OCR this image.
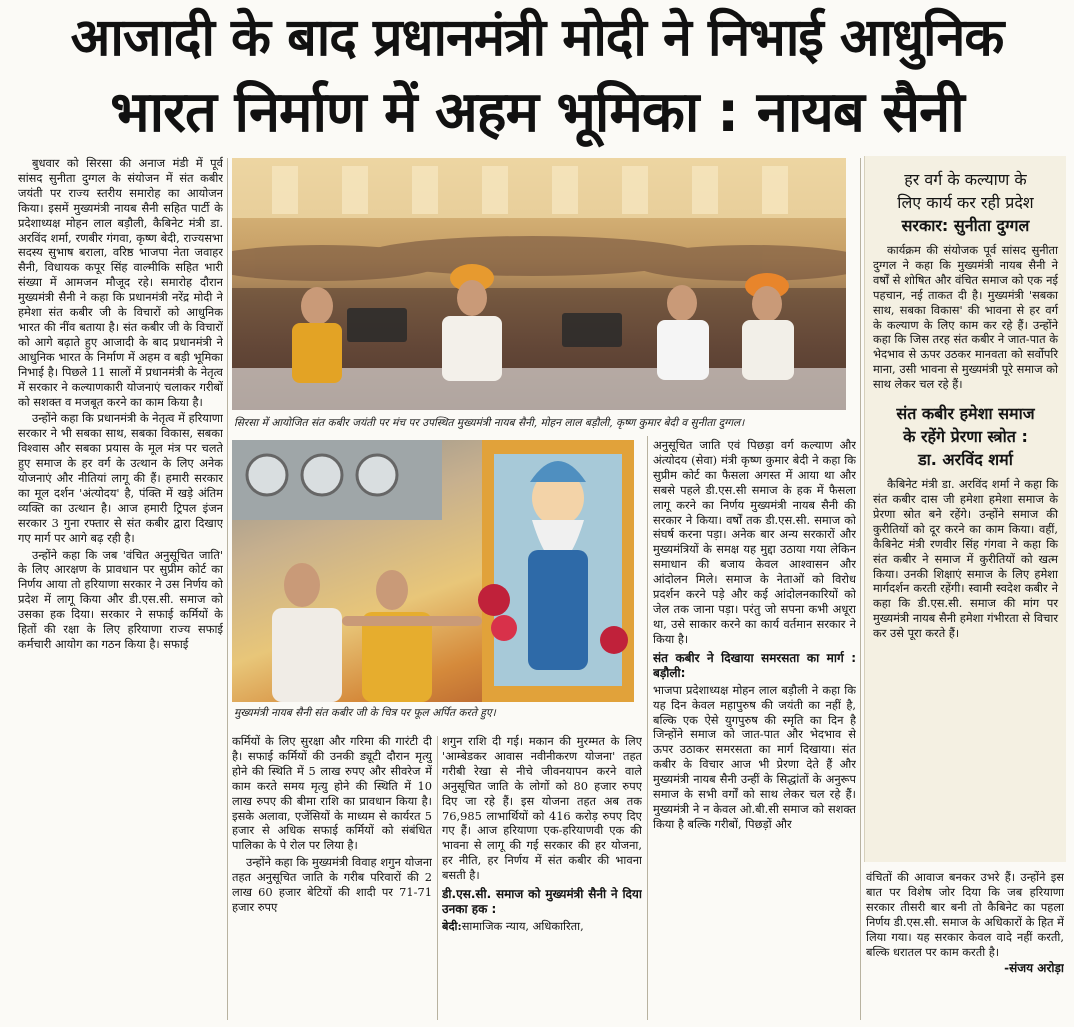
आजादी के बाद प्रधानमंत्री मोदी ने निभाई आधुनिक
भारत निर्माण में अहम भूमिका : नायब सैनी

बुधवार को सिरसा की अनाज मंडी में पूर्व सांसद सुनीता दुग्गल के संयोजन में संत कबीर जयंती पर राज्य स्तरीय समारोह का आयोजन किया। इसमें मुख्यमंत्री नायब सैनी सहित पार्टी के प्रदेशाध्यक्ष मोहन लाल बड़ौली, कैबिनेट मंत्री डा. अरविंद शर्मा, रणबीर गंगवा, कृष्ण बेदी, राज्यसभा सदस्य सुभाष बराला, वरिष्ठ भाजपा नेता जवाहर सैनी, विधायक कपूर सिंह वाल्मीकि सहित भारी संख्या में आमजन मौजूद रहे। समारोह दौरान मुख्यमंत्री सैनी ने कहा कि प्रधानमंत्री नरेंद्र मोदी ने हमेशा संत कबीर जी के विचारों को आधुनिक भारत की नींव बताया है। संत कबीर जी के विचारों को आगे बढ़ाते हुए आजादी के बाद प्रधानमंत्री ने आधुनिक भारत के निर्माण में अहम व बड़ी भूमिका निभाई है। पिछले 11 सालों में प्रधानमंत्री के नेतृत्व में सरकार ने कल्याणकारी योजनाएं चलाकर गरीबों को सशक्त व मजबूत करने का काम किया है।

उन्होंने कहा कि प्रधानमंत्री के नेतृत्व में हरियाणा सरकार ने भी सबका साथ, सबका विकास, सबका विश्वास और सबका प्रयास के मूल मंत्र पर चलते हुए समाज के हर वर्ग के उत्थान के लिए अनेक योजनाएं और नीतियां लागू की हैं। हमारी सरकार का मूल दर्शन 'अंत्योदय' है, पंक्ति में खड़े अंतिम व्यक्ति का उत्थान है। आज हमारी ट्रिपल इंजन सरकार 3 गुना रफ्तार से संत कबीर द्वारा दिखाए गए मार्ग पर आगे बढ़ रही है।

उन्होंने कहा कि जब 'वंचित अनुसूचित जाति' के लिए आरक्षण के प्रावधान पर सुप्रीम कोर्ट का निर्णय आया तो हरियाणा सरकार ने उस निर्णय को प्रदेश में लागू किया और डी.एस.सी. समाज को उसका हक दिया। सरकार ने सफाई कर्मियों के हितों की रक्षा के लिए हरियाणा राज्य सफाई कर्मचारी आयोग का गठन किया है। सफाई

सिरसा में आयोजित संत कबीर जयंती पर मंच पर उपस्थित मुख्यमंत्री नायब सैनी, मोहन लाल बड़ौली, कृष्ण कुमार बेदी व सुनीता दुग्गल।
मुख्यमंत्री नायब सैनी संत कबीर जी के चित्र पर फूल अर्पित करते हुए।

कर्मियों के लिए सुरक्षा और गरिमा की गारंटी दी है। सफाई कर्मियों की उनकी ड्यूटी दौरान मृत्यु होने की स्थिति में 5 लाख रुपए और सीवरेज में काम करते समय मृत्यु होने की स्थिति में 10 लाख रुपए की बीमा राशि का प्रावधान किया है। इसके अलावा, एजेंसियों के माध्यम से कार्यरत 5 हजार से अधिक सफाई कर्मियों को संबंधित पालिका के पे रोल पर लिया है।

उन्होंने कहा कि मुख्यमंत्री विवाह शगुन योजना तहत अनुसूचित जाति के गरीब परिवारों की 2 लाख 60 हजार बेटियों की शादी पर 71-71 हजार रुपए

शगुन राशि दी गई। मकान की मुरम्मत के लिए 'आम्बेडकर आवास नवीनीकरण योजना' तहत गरीबी रेखा से नीचे जीवनयापन करने वाले अनुसूचित जाति के लोगों को 80 हजार रुपए दिए जा रहे हैं। इस योजना तहत अब तक 76,985 लाभार्थियों को 416 करोड़ रुपए दिए गए हैं। आज हरियाणा एक-हरियाणवी एक की भावना से लागू की गई सरकार की हर योजना, हर नीति, हर निर्णय में संत कबीर की भावना बसती है।

डी.एस.सी. समाज को मुख्यमंत्री सैनी ने दिया उनका हक :

बेदी:सामाजिक न्याय, अधिकारिता,

अनुसूचित जाति एवं पिछड़ा वर्ग कल्याण और अंत्योदय (सेवा) मंत्री कृष्ण कुमार बेदी ने कहा कि सुप्रीम कोर्ट का फैसला अगस्त में आया था और सबसे पहले डी.एस.सी समाज के हक में फैसला लागू करने का निर्णय मुख्यमंत्री नायब सैनी की सरकार ने किया। वर्षों तक डी.एस.सी. समाज को संघर्ष करना पड़ा। अनेक बार अन्य सरकारों और मुख्यमंत्रियों के समक्ष यह मुद्दा उठाया गया लेकिन समाधान की बजाय केवल आश्वासन और आंदोलन मिले। समाज के नेताओं को विरोध प्रदर्शन करने पड़े और कई आंदोलनकारियों को जेल तक जाना पड़ा। परंतु जो सपना कभी अधूरा था, उसे साकार करने का कार्य वर्तमान सरकार ने किया है।

संत कबीर ने दिखाया समरसता का मार्ग : बड़ौली:

भाजपा प्रदेशाध्यक्ष मोहन लाल बड़ौली ने कहा कि यह दिन केवल महापुरुष की जयंती का नहीं है, बल्कि एक ऐसे युगपुरुष की स्मृति का दिन है जिन्होंने समाज को जात-पात और भेदभाव से ऊपर उठाकर समरसता का मार्ग दिखाया। संत कबीर के विचार आज भी प्रेरणा देते हैं और मुख्यमंत्री नायब सैनी उन्हीं के सिद्धांतों के अनुरूप समाज के सभी वर्गों को साथ लेकर चल रहे हैं। मुख्यमंत्री ने न केवल ओ.बी.सी समाज को सशक्त किया है बल्कि गरीबों, पिछड़ों और

हर वर्ग के कल्याण के
लिए कार्य कर रही प्रदेश
सरकार: सुनीता दुग्गल

कार्यक्रम की संयोजक पूर्व सांसद सुनीता दुग्गल ने कहा कि मुख्यमंत्री नायब सैनी ने वर्षों से शोषित और वंचित समाज को एक नई पहचान, नई ताकत दी है। मुख्यमंत्री 'सबका साथ, सबका विकास' की भावना से हर वर्ग के कल्याण के लिए काम कर रहे हैं। उन्होंने कहा कि जिस तरह संत कबीर ने जात-पात के भेदभाव से ऊपर उठकर मानवता को सर्वोपरि माना, उसी भावना से मुख्यमंत्री पूरे समाज को साथ लेकर चल रहे हैं।

संत कबीर हमेशा समाज
के रहेंगे प्रेरणा स्त्रोत :
डा. अरविंद शर्मा

कैबिनेट मंत्री डा. अरविंद शर्मा ने कहा कि संत कबीर दास जी हमेशा हमेशा समाज के प्रेरणा स्रोत बने रहेंगे। उन्होंने समाज की कुरीतियों को दूर करने का काम किया। वहीं, कैबिनेट मंत्री रणवीर सिंह गंगवा ने कहा कि संत कबीर ने समाज में कुरीतियों को खत्म किया। उनकी शिक्षाएं समाज के लिए हमेशा मार्गदर्शन करती रहेंगी। स्वामी स्वदेश कबीर ने कहा कि डी.एस.सी. समाज की मांग पर मुख्यमंत्री नायब सैनी हमेशा गंभीरता से विचार कर उसे पूरा करते हैं।

वंचितों की आवाज बनकर उभरे हैं। उन्होंने इस बात पर विशेष जोर दिया कि जब हरियाणा सरकार तीसरी बार बनी तो कैबिनेट का पहला निर्णय डी.एस.सी. समाज के अधिकारों के हित में लिया गया। यह सरकार केवल वादे नहीं करती, बल्कि धरातल पर काम करती है।

-संजय अरोड़ा
